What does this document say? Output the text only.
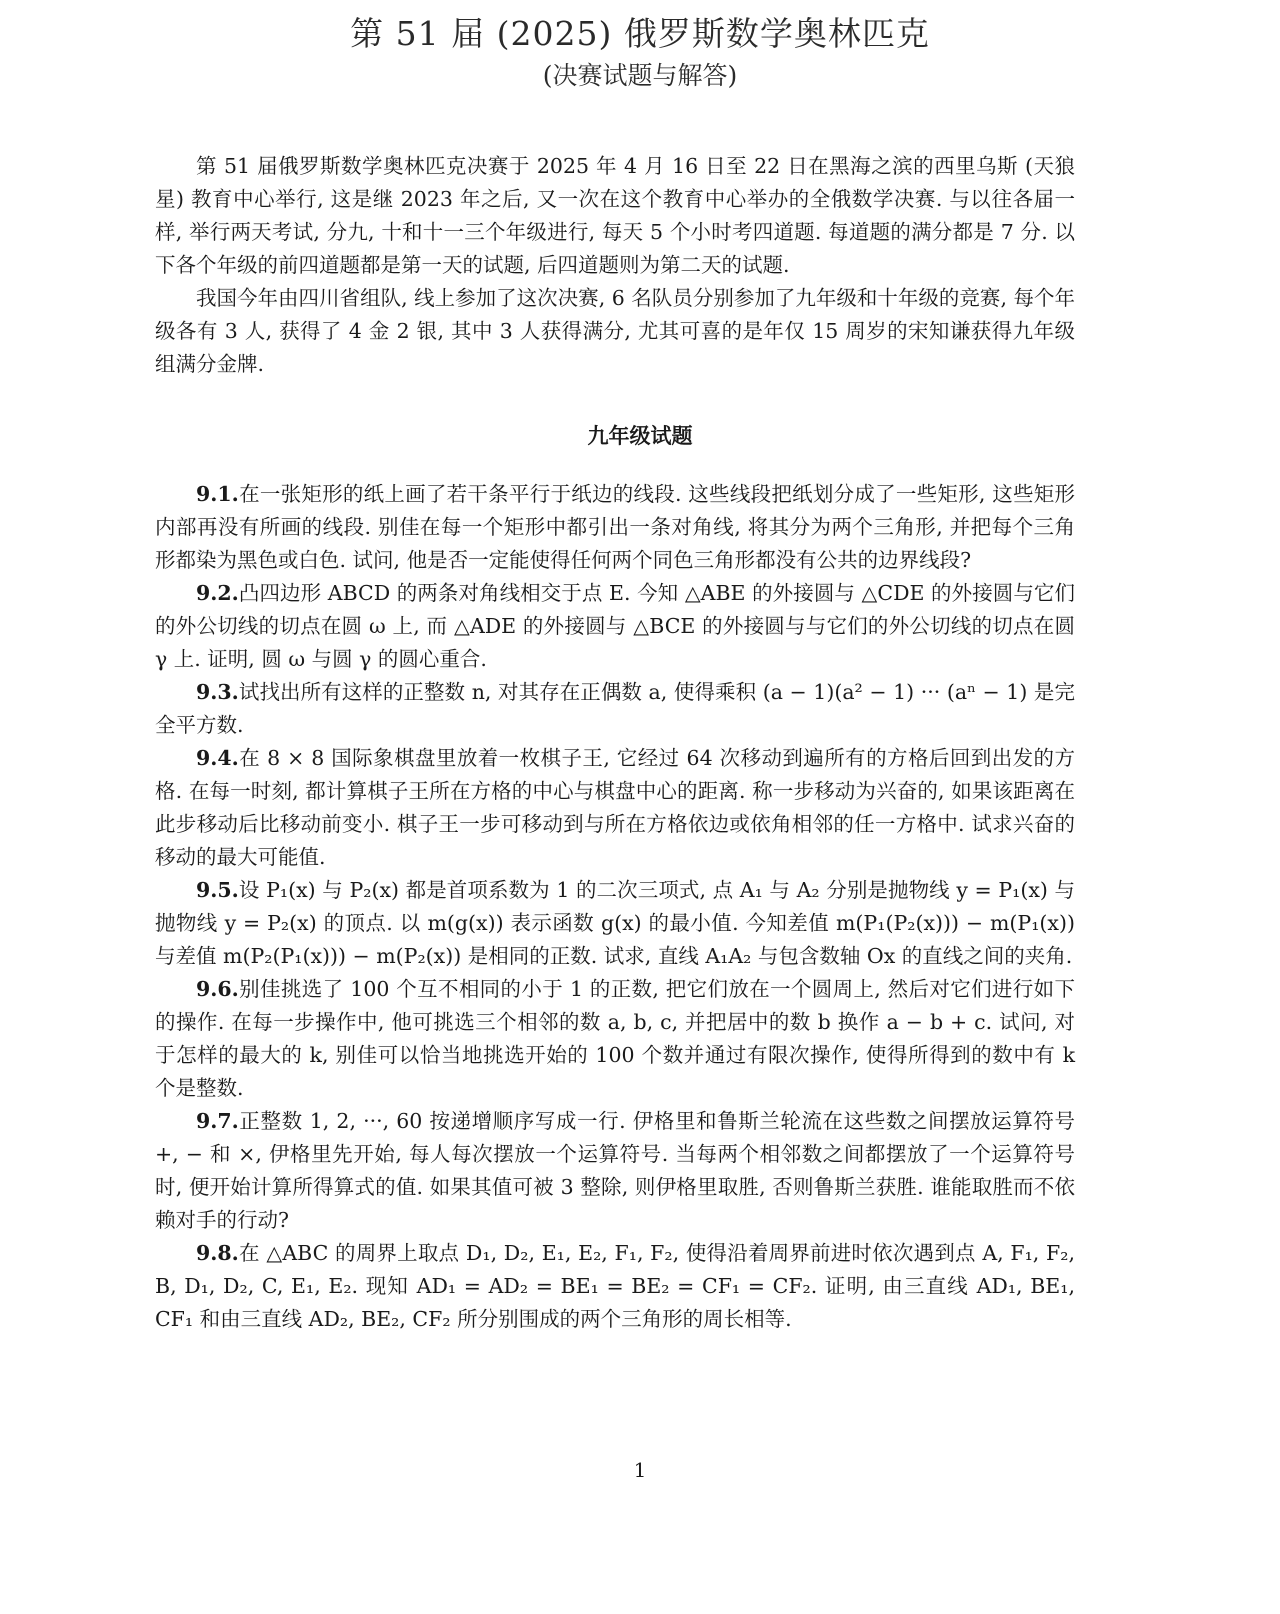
第 51 届 (2025) 俄罗斯数学奥林匹克
(决赛试题与解答)

第 51 届俄罗斯数学奥林匹克决赛于 2025 年 4 月 16 日至 22 日在黑海之滨的西里乌斯 (天狼星) 教育中心举行, 这是继 2023 年之后, 又一次在这个教育中心举办的全俄数学决赛. 与以往各届一样, 举行两天考试, 分九, 十和十一三个年级进行, 每天 5 个小时考四道题. 每道题的满分都是 7 分. 以下各个年级的前四道题都是第一天的试题, 后四道题则为第二天的试题.

我国今年由四川省组队, 线上参加了这次决赛, 6 名队员分别参加了九年级和十年级的竞赛, 每个年级各有 3 人, 获得了 4 金 2 银, 其中 3 人获得满分, 尤其可喜的是年仅 15 周岁的宋知谦获得九年级组满分金牌.

九年级试题

9.1.在一张矩形的纸上画了若干条平行于纸边的线段. 这些线段把纸划分成了一些矩形, 这些矩形内部再没有所画的线段. 别佳在每一个矩形中都引出一条对角线, 将其分为两个三角形, 并把每个三角形都染为黑色或白色. 试问, 他是否一定能使得任何两个同色三角形都没有公共的边界线段?

9.2.凸四边形 ABCD 的两条对角线相交于点 E. 今知 △ABE 的外接圆与 △CDE 的外接圆与它们的外公切线的切点在圆 ω 上, 而 △ADE 的外接圆与 △BCE 的外接圆与与它们的外公切线的切点在圆 γ 上. 证明, 圆 ω 与圆 γ 的圆心重合.

9.3.试找出所有这样的正整数 n, 对其存在正偶数 a, 使得乘积 (a − 1)(a² − 1) ··· (aⁿ − 1) 是完全平方数.

9.4.在 8 × 8 国际象棋盘里放着一枚棋子王, 它经过 64 次移动到遍所有的方格后回到出发的方格. 在每一时刻, 都计算棋子王所在方格的中心与棋盘中心的距离. 称一步移动为兴奋的, 如果该距离在此步移动后比移动前变小. 棋子王一步可移动到与所在方格依边或依角相邻的任一方格中. 试求兴奋的移动的最大可能值.

9.5.设 P₁(x) 与 P₂(x) 都是首项系数为 1 的二次三项式, 点 A₁ 与 A₂ 分别是抛物线 y = P₁(x) 与抛物线 y = P₂(x) 的顶点. 以 m(g(x)) 表示函数 g(x) 的最小值. 今知差值 m(P₁(P₂(x))) − m(P₁(x)) 与差值 m(P₂(P₁(x))) − m(P₂(x)) 是相同的正数. 试求, 直线 A₁A₂ 与包含数轴 Ox 的直线之间的夹角.

9.6.别佳挑选了 100 个互不相同的小于 1 的正数, 把它们放在一个圆周上, 然后对它们进行如下的操作. 在每一步操作中, 他可挑选三个相邻的数 a, b, c, 并把居中的数 b 换作 a − b + c. 试问, 对于怎样的最大的 k, 别佳可以恰当地挑选开始的 100 个数并通过有限次操作, 使得所得到的数中有 k 个是整数.

9.7.正整数 1, 2, ···, 60 按递增顺序写成一行. 伊格里和鲁斯兰轮流在这些数之间摆放运算符号 +, − 和 ×, 伊格里先开始, 每人每次摆放一个运算符号. 当每两个相邻数之间都摆放了一个运算符号时, 便开始计算所得算式的值. 如果其值可被 3 整除, 则伊格里取胜, 否则鲁斯兰获胜. 谁能取胜而不依赖对手的行动?

9.8.在 △ABC 的周界上取点 D₁, D₂, E₁, E₂, F₁, F₂, 使得沿着周界前进时依次遇到点 A, F₁, F₂, B, D₁, D₂, C, E₁, E₂. 现知 AD₁ = AD₂ = BE₁ = BE₂ = CF₁ = CF₂. 证明, 由三直线 AD₁, BE₁, CF₁ 和由三直线 AD₂, BE₂, CF₂ 所分别围成的两个三角形的周长相等.

1
